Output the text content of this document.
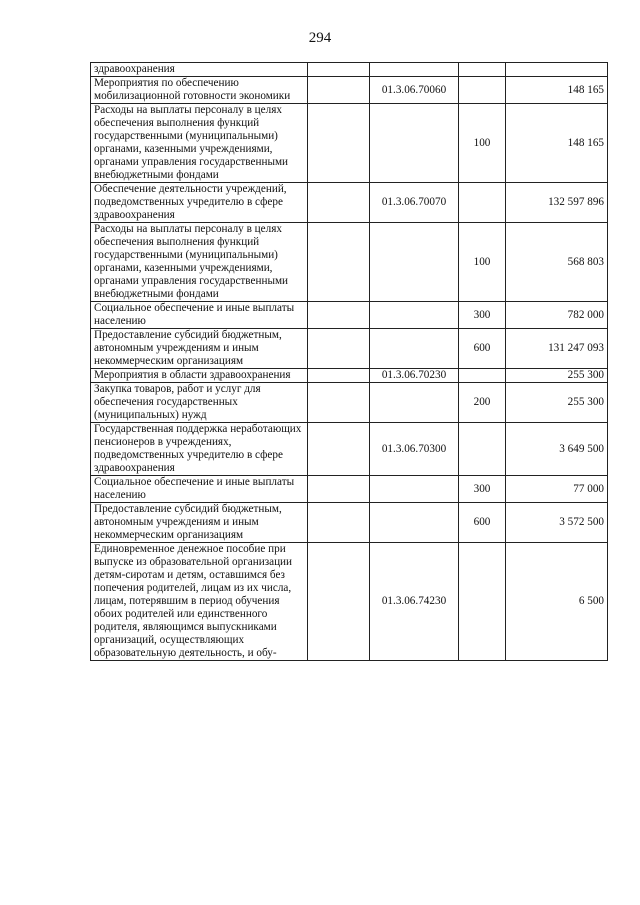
294
здравоохранения				
Мероприятия по обеспечению мобилизационной готовности экономики		01.3.06.70060		148 165
Расходы на выплаты персоналу в целях обеспечения выполнения функций государственными (муниципальными) органами, казенными учреждениями, органами управления государственными внебюджетными фондами			100	148 165
Обеспечение деятельности учреждений, подведомственных учредителю в сфере здравоохранения		01.3.06.70070		132 597 896
Расходы на выплаты персоналу в целях обеспечения выполнения функций государственными (муниципальными) органами, казенными учреждениями, органами управления государственными внебюджетными фондами			100	568 803
Социальное обеспечение и иные выплаты населению			300	782 000
Предоставление субсидий бюджетным, автономным учреждениям и иным некоммерческим организациям			600	131 247 093
Мероприятия в области здравоохранения		01.3.06.70230		255 300
Закупка товаров, работ и услуг для обеспечения государственных (муниципальных) нужд			200	255 300
Государственная поддержка неработающих пенсионеров в учреждениях, подведомственных учредителю в сфере здравоохранения		01.3.06.70300		3 649 500
Социальное обеспечение и иные выплаты населению			300	77 000
Предоставление субсидий бюджетным, автономным учреждениям и иным некоммерческим организациям			600	3 572 500
Единовременное денежное пособие при выпуске из образовательной организации детям-сиротам и детям, оставшимся без попечения родителей, лицам из их числа, лицам, потерявшим в период обучения обоих родителей или единственного родителя, являющимся выпускниками организаций, осуществляющих образовательную деятельность, и обу-		01.3.06.74230		6 500
